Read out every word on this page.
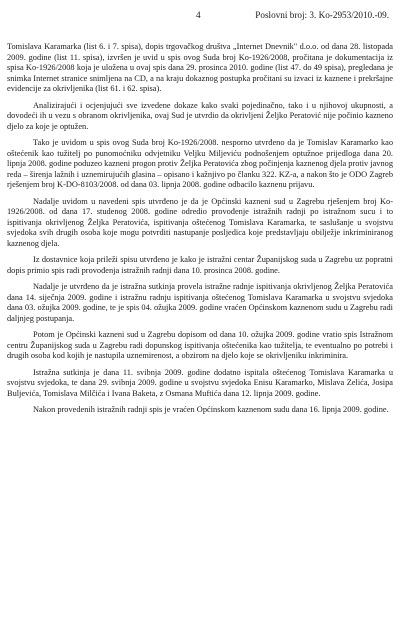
4	Poslovni broj: 3. Ko-2953/2010.-09.

Tomislava Karamarka (list 6. i 7. spisa), dopis trgovačkog društva „Internet Dnevnik" d.o.o. od dana 28. listopada 2009. godine (list 11. spisa), izvršen je uvid u spis ovog Suda broj Ko-1926/2008, pročitana je dokumentacija iz spisa Ko-1926/2008 koja je uložena u ovaj spis dana 29. prosinca 2010. godine (list 47. do 49 spisa), pregledana je snimka Internet stranice snimljena na CD, a na kraju dokaznog postupka pročitani su izvaci iz kaznene i prekršajne evidencije za okrivljenika (list 61. i 62. spisa).

Analizirajući i ocjenjujući sve izvedene dokaze kako svaki pojedinačno, tako i u njihovoj ukupnosti, a dovodeći ih u vezu s obranom okrivljenika, ovaj Sud je utvrdio da okrivljeni Željko Peratović nije počinio kazneno djelo za koje je optužen.

Tako je uvidom u spis ovog Suda broj Ko-1926/2008. nesporno utvrđeno da je Tomislav Karamarko kao oštećenik kao tužitelj po punomoćniku odvjetniku Veljku Miljeviću podnošenjem optužnoe prijedloga dana 20. lipnja 2008. godine poduzeo kazneni progon protiv Željka Peratovića zbog počinjenja kaznenog djela protiv javnog reda – širenja lažnih i uznemirujućih glasina – opisano i kažnjivo po članku 322. KZ-a, a nakon što je ODO Zagreb rješenjem broj K-DO-8103/2008. od dana 03. lipnja 2008. godine odbacilo kaznenu prijavu.

Nadalje uvidom u navedeni spis utvrđeno je da je Općinski kazneni sud u Zagrebu rješenjem broj Ko-1926/2008. od dana 17. studenog 2008. godine odredio provođenje istražnih radnji po istražnom sucu i to ispitivanja okrivljenog Željka Peratovića, ispitivanja oštećenog Tomislava Karamarka, te saslušanje u svojstvu svjedoka svih drugih osoba koje mogu potvrditi nastupanje posljedica koje predstavljaju obilježje inkriminiranog kaznenog djela.

Iz dostavnice koja prileži spisu utvrđeno je kako je istražni centar Županijskog suda u Zagrebu uz popratni dopis primio spis radi provođenja istražnih radnji dana 10. prosinca 2008. godine.

Nadalje je utvrđeno da je istražna sutkinja provela istražne radnje ispitivanja okrivljenog Željka Peratovića dana 14. siječnja 2009. godine i istražnu radnju ispitivanja oštećenog Tomislava Karamarka u svojstvu svjedoka dana 03. ožujka 2009. godine, te je spis 04. ožujka 2009. godine vraćen Općinskom kaznenom sudu u Zagrebu radi daljnjeg postupanja.

Potom je Općinski kazneni sud u Zagrebu dopisom od dana 10. ožujka 2009. godine vratio spis Istražnom centru Županijskog suda u Zagrebu radi dopunskog ispitivanja oštećenika kao tužitelja, te eventualno po potrebi i drugih osoba kod kojih je nastupila uznemirenost, a obzirom na djelo koje se okrivljeniku inkriminira.

Istražna sutkinja je dana 11. svibnja 2009. godine dodatno ispitala oštećenog Tomislava Karamarka u svojstvu svjedoka, te dana 29. svibnja 2009. godine u svojstvu svjedoka Enisu Karamarko, Mislava Zelića, Josipa Buljevića, Tomislava Milčića i Ivana Baketa, z Osmana Muftića dana 12. lipnja 2009. godine.

Nakon provedenih istražnih radnji spis je vraćen Općinskom kaznenom sudu dana 16. lipnja 2009. godine.
